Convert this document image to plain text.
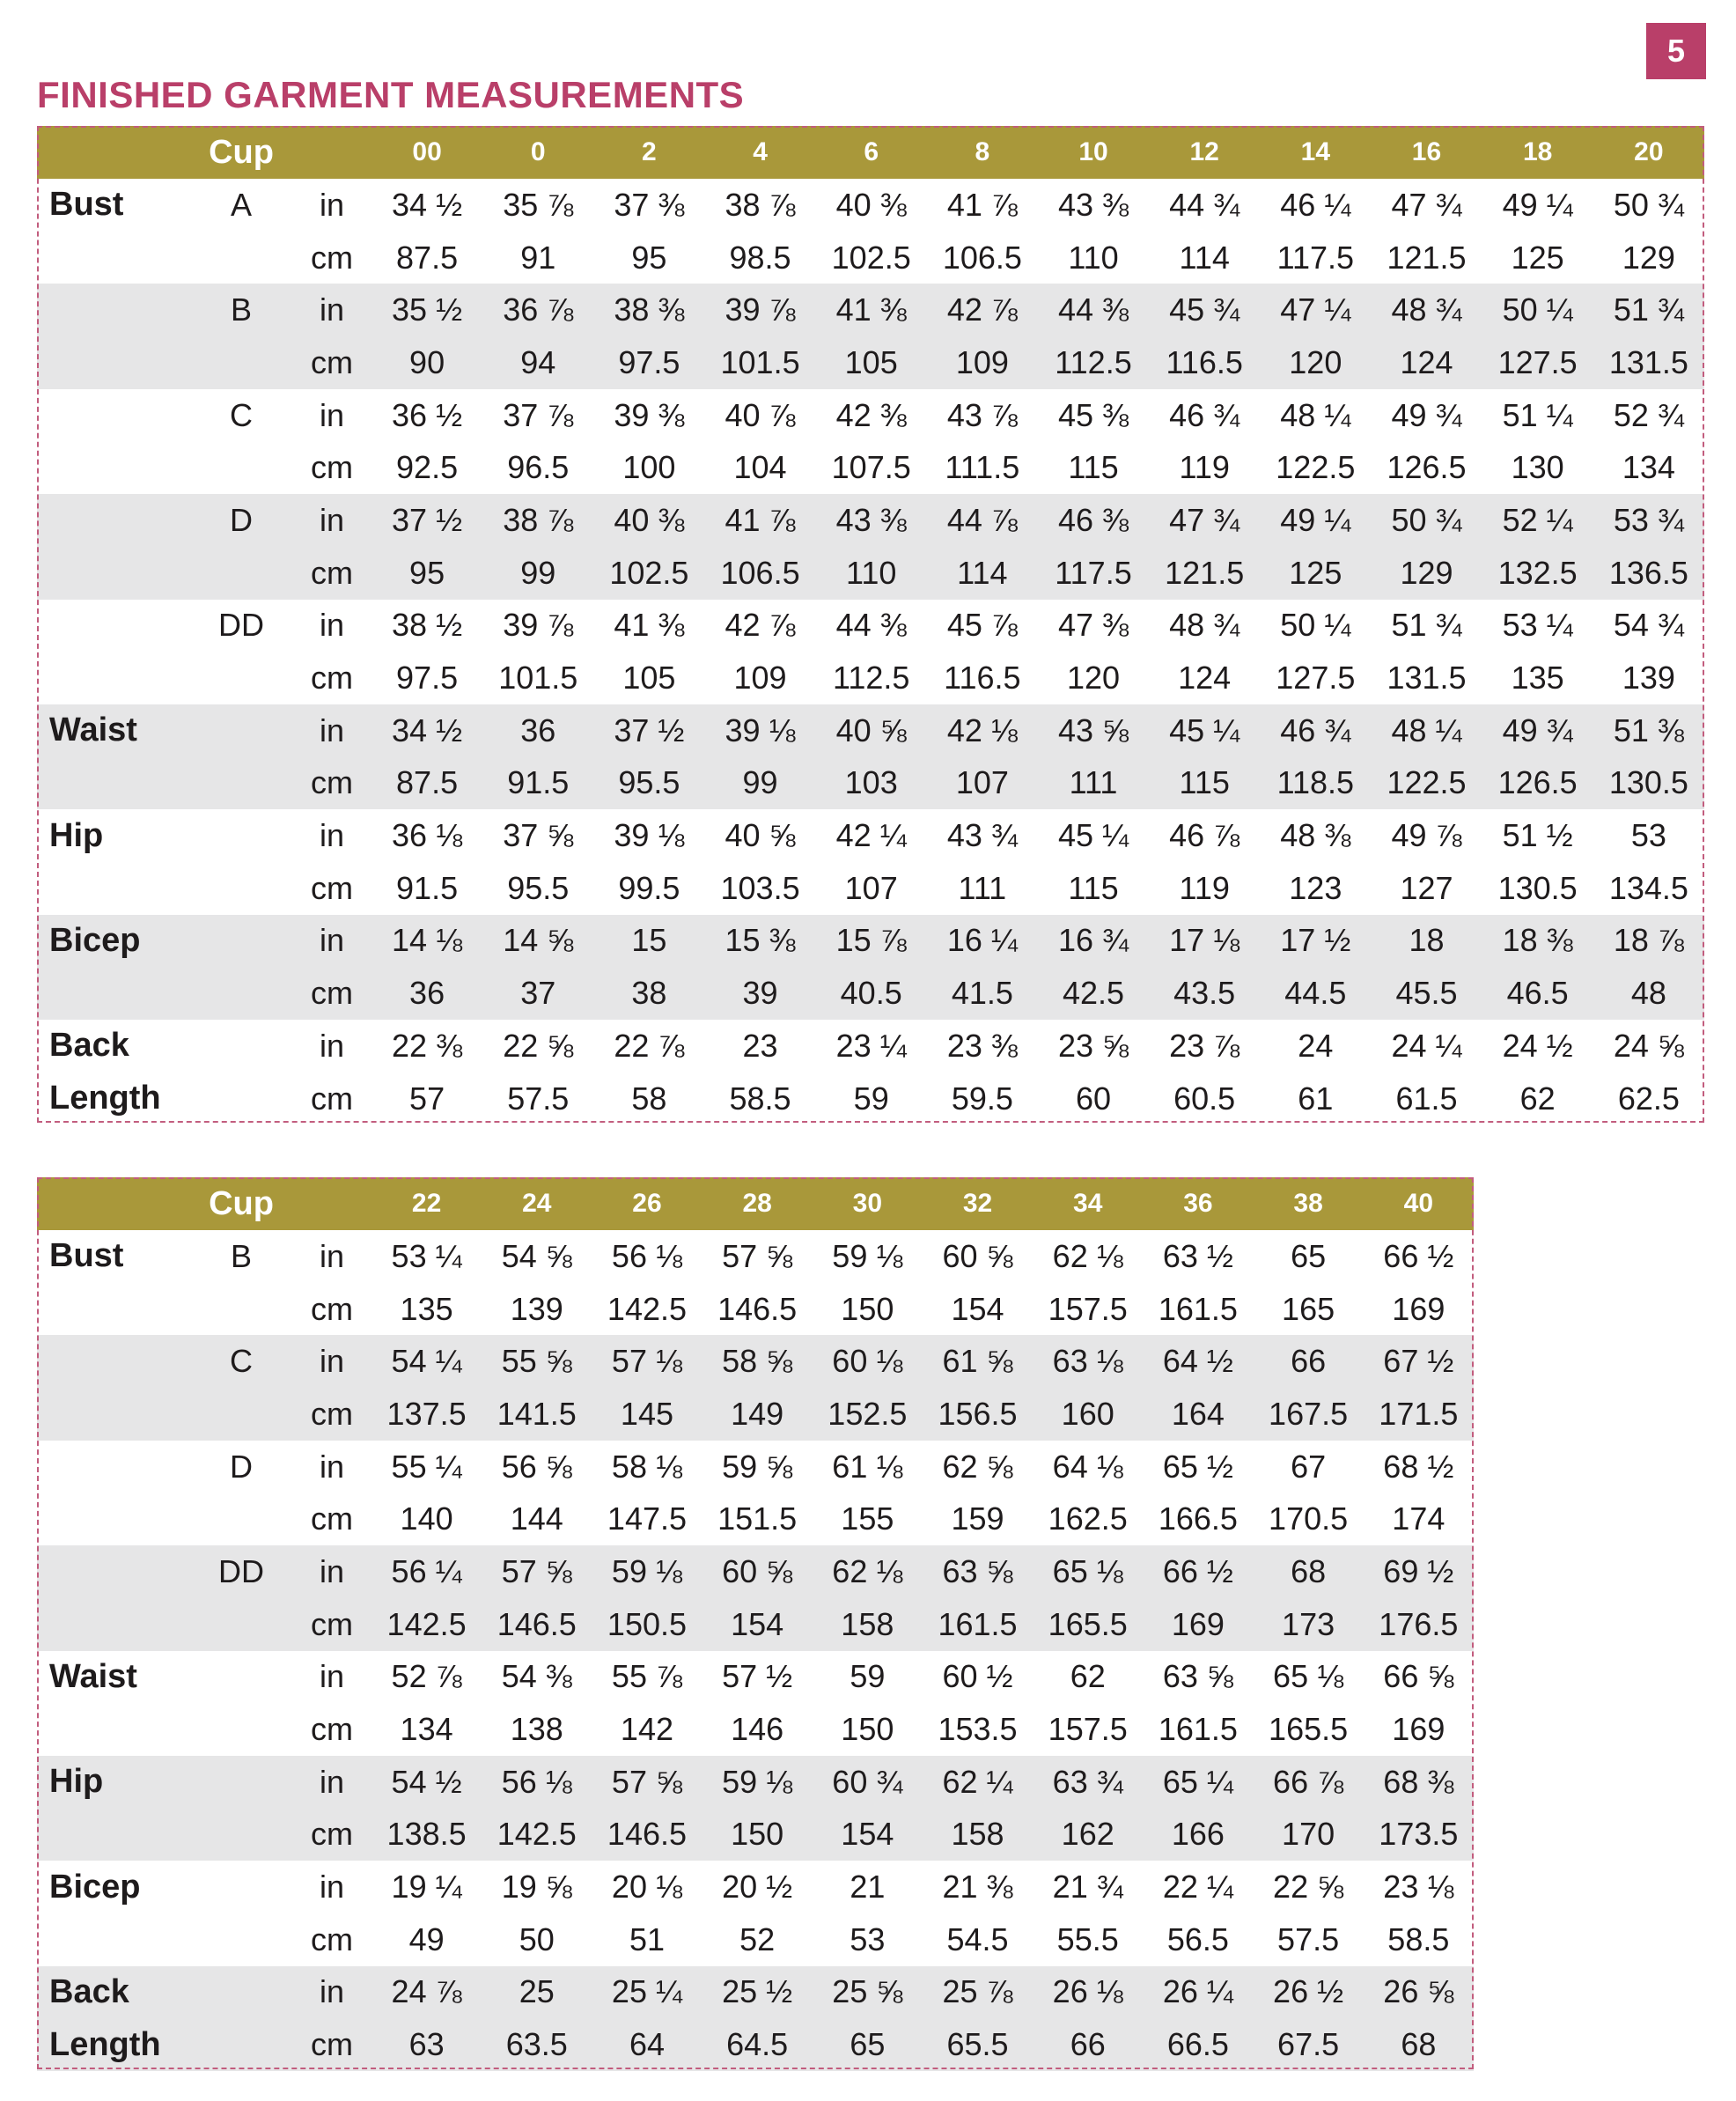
5
FINISHED GARMENT MEASUREMENTS
	Cup		00	0	2	4	6	8	10	12	14	16	18	20
Bust	A	in	34 ½	35 ⅞	37 ⅜	38 ⅞	40 ⅜	41 ⅞	43 ⅜	44 ¾	46 ¼	47 ¾	49 ¼	50 ¾
		cm	87.5	91	95	98.5	102.5	106.5	110	114	117.5	121.5	125	129
	B	in	35 ½	36 ⅞	38 ⅜	39 ⅞	41 ⅜	42 ⅞	44 ⅜	45 ¾	47 ¼	48 ¾	50 ¼	51 ¾
		cm	90	94	97.5	101.5	105	109	112.5	116.5	120	124	127.5	131.5
	C	in	36 ½	37 ⅞	39 ⅜	40 ⅞	42 ⅜	43 ⅞	45 ⅜	46 ¾	48 ¼	49 ¾	51 ¼	52 ¾
		cm	92.5	96.5	100	104	107.5	111.5	115	119	122.5	126.5	130	134
	D	in	37 ½	38 ⅞	40 ⅜	41 ⅞	43 ⅜	44 ⅞	46 ⅜	47 ¾	49 ¼	50 ¾	52 ¼	53 ¾
		cm	95	99	102.5	106.5	110	114	117.5	121.5	125	129	132.5	136.5
	DD	in	38 ½	39 ⅞	41 ⅜	42 ⅞	44 ⅜	45 ⅞	47 ⅜	48 ¾	50 ¼	51 ¾	53 ¼	54 ¾
		cm	97.5	101.5	105	109	112.5	116.5	120	124	127.5	131.5	135	139
Waist		in	34 ½	36	37 ½	39 ⅛	40 ⅝	42 ⅛	43 ⅝	45 ¼	46 ¾	48 ¼	49 ¾	51 ⅜
		cm	87.5	91.5	95.5	99	103	107	111	115	118.5	122.5	126.5	130.5
Hip		in	36 ⅛	37 ⅝	39 ⅛	40 ⅝	42 ¼	43 ¾	45 ¼	46 ⅞	48 ⅜	49 ⅞	51 ½	53
		cm	91.5	95.5	99.5	103.5	107	111	115	119	123	127	130.5	134.5
Bicep		in	14 ⅛	14 ⅝	15	15 ⅜	15 ⅞	16 ¼	16 ¾	17 ⅛	17 ½	18	18 ⅜	18 ⅞
		cm	36	37	38	39	40.5	41.5	42.5	43.5	44.5	45.5	46.5	48
Back		in	22 ⅜	22 ⅝	22 ⅞	23	23 ¼	23 ⅜	23 ⅝	23 ⅞	24	24 ¼	24 ½	24 ⅝
Length		cm	57	57.5	58	58.5	59	59.5	60	60.5	61	61.5	62	62.5
	Cup		22	24	26	28	30	32	34	36	38	40
Bust	B	in	53 ¼	54 ⅝	56 ⅛	57 ⅝	59 ⅛	60 ⅝	62 ⅛	63 ½	65	66 ½
		cm	135	139	142.5	146.5	150	154	157.5	161.5	165	169
	C	in	54 ¼	55 ⅝	57 ⅛	58 ⅝	60 ⅛	61 ⅝	63 ⅛	64 ½	66	67 ½
		cm	137.5	141.5	145	149	152.5	156.5	160	164	167.5	171.5
	D	in	55 ¼	56 ⅝	58 ⅛	59 ⅝	61 ⅛	62 ⅝	64 ⅛	65 ½	67	68 ½
		cm	140	144	147.5	151.5	155	159	162.5	166.5	170.5	174
	DD	in	56 ¼	57 ⅝	59 ⅛	60 ⅝	62 ⅛	63 ⅝	65 ⅛	66 ½	68	69 ½
		cm	142.5	146.5	150.5	154	158	161.5	165.5	169	173	176.5
Waist		in	52 ⅞	54 ⅜	55 ⅞	57 ½	59	60 ½	62	63 ⅝	65 ⅛	66 ⅝
		cm	134	138	142	146	150	153.5	157.5	161.5	165.5	169
Hip		in	54 ½	56 ⅛	57 ⅝	59 ⅛	60 ¾	62 ¼	63 ¾	65 ¼	66 ⅞	68 ⅜
		cm	138.5	142.5	146.5	150	154	158	162	166	170	173.5
Bicep		in	19 ¼	19 ⅝	20 ⅛	20 ½	21	21 ⅜	21 ¾	22 ¼	22 ⅝	23 ⅛
		cm	49	50	51	52	53	54.5	55.5	56.5	57.5	58.5
Back		in	24 ⅞	25	25 ¼	25 ½	25 ⅝	25 ⅞	26 ⅛	26 ¼	26 ½	26 ⅝
Length		cm	63	63.5	64	64.5	65	65.5	66	66.5	67.5	68
